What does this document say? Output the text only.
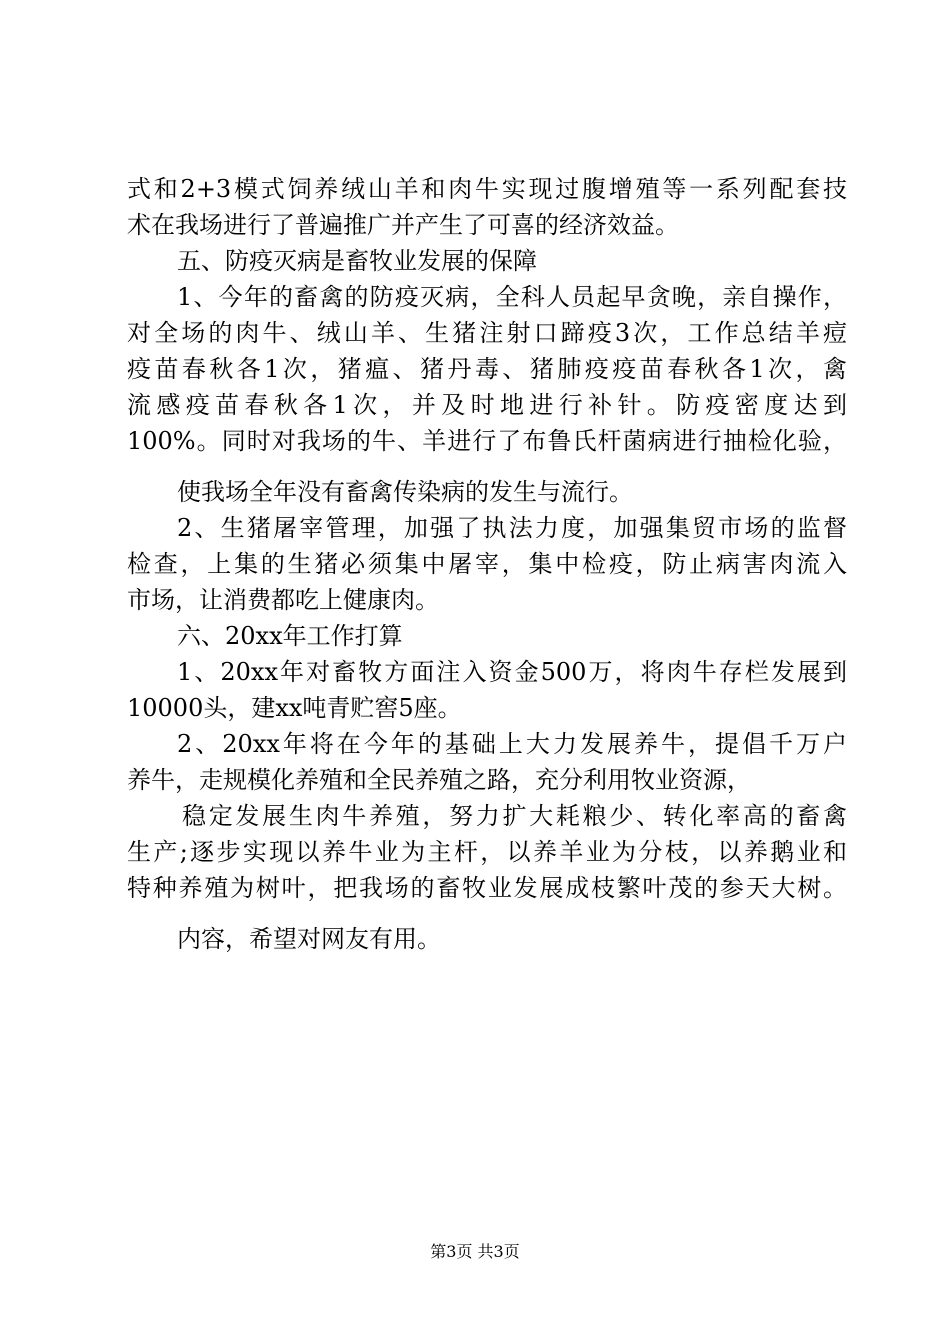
式和2+3模式饲养绒山羊和肉牛实现过腹增殖等一系列配套技
术在我场进行了普遍推广并产生了可喜的经济效益。
五、防疫灭病是畜牧业发展的保障
1、今年的畜禽的防疫灭病，全科人员起早贪晚，亲自操作，
对全场的肉牛、绒山羊、生猪注射口蹄疫3次，工作总结羊痘
疫苗春秋各1次，猪瘟、猪丹毒、猪肺疫疫苗春秋各1次，禽
流感疫苗春秋各1次，并及时地进行补针。防疫密度达到
100%。同时对我场的牛、羊进行了布鲁氏杆菌病进行抽检化验，
使我场全年没有畜禽传染病的发生与流行。
2、生猪屠宰管理，加强了执法力度，加强集贸市场的监督
检查，上集的生猪必须集中屠宰，集中检疫，防止病害肉流入
市场，让消费都吃上健康肉。
六、20xx年工作打算
1、20xx年对畜牧方面注入资金500万，将肉牛存栏发展到
10000头，建xx吨青贮窖5座。
2、20xx年将在今年的基础上大力发展养牛，提倡千万户
养牛，走规模化养殖和全民养殖之路，充分利用牧业资源，
稳定发展生肉牛养殖，努力扩大耗粮少、转化率高的畜禽
生产;逐步实现以养牛业为主杆，以养羊业为分枝，以养鹅业和
特种养殖为树叶，把我场的畜牧业发展成枝繁叶茂的参天大树。
内容，希望对网友有用。
第3页 共3页
